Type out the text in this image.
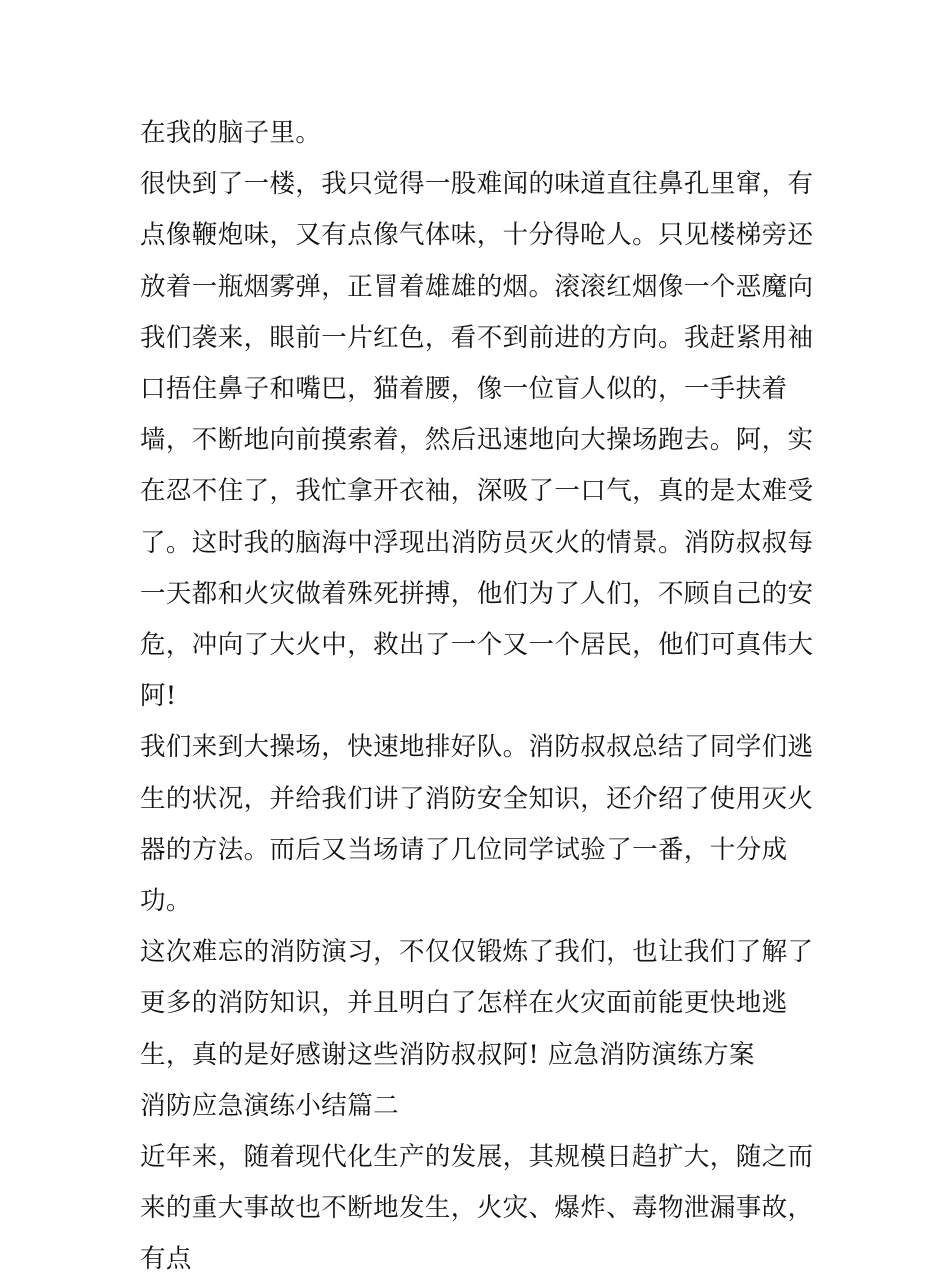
在我的脑子里。

很快到了一楼，我只觉得一股难闻的味道直往鼻孔里窜，有点像鞭炮味，又有点像气体味，十分得呛人。只见楼梯旁还放着一瓶烟雾弹，正冒着雄雄的烟。滚滚红烟像一个恶魔向我们袭来，眼前一片红色，看不到前进的方向。我赶紧用袖口捂住鼻子和嘴巴，猫着腰，像一位盲人似的，一手扶着墙，不断地向前摸索着，然后迅速地向大操场跑去。阿，实在忍不住了，我忙拿开衣袖，深吸了一口气，真的是太难受了。这时我的脑海中浮现出消防员灭火的情景。消防叔叔每一天都和火灾做着殊死拼搏，他们为了人们，不顾自己的安危，冲向了大火中，救出了一个又一个居民，他们可真伟大阿!

我们来到大操场，快速地排好队。消防叔叔总结了同学们逃生的状况，并给我们讲了消防安全知识，还介绍了使用灭火器的方法。而后又当场请了几位同学试验了一番，十分成功。

这次难忘的消防演习，不仅仅锻炼了我们，也让我们了解了更多的消防知识，并且明白了怎样在火灾面前能更快地逃生，真的是好感谢这些消防叔叔阿! 应急消防演练方案

消防应急演练小结篇二

近年来，随着现代化生产的发展，其规模日趋扩大，随之而来的重大事故也不断地发生，火灾、爆炸、毒物泄漏事故，有点
